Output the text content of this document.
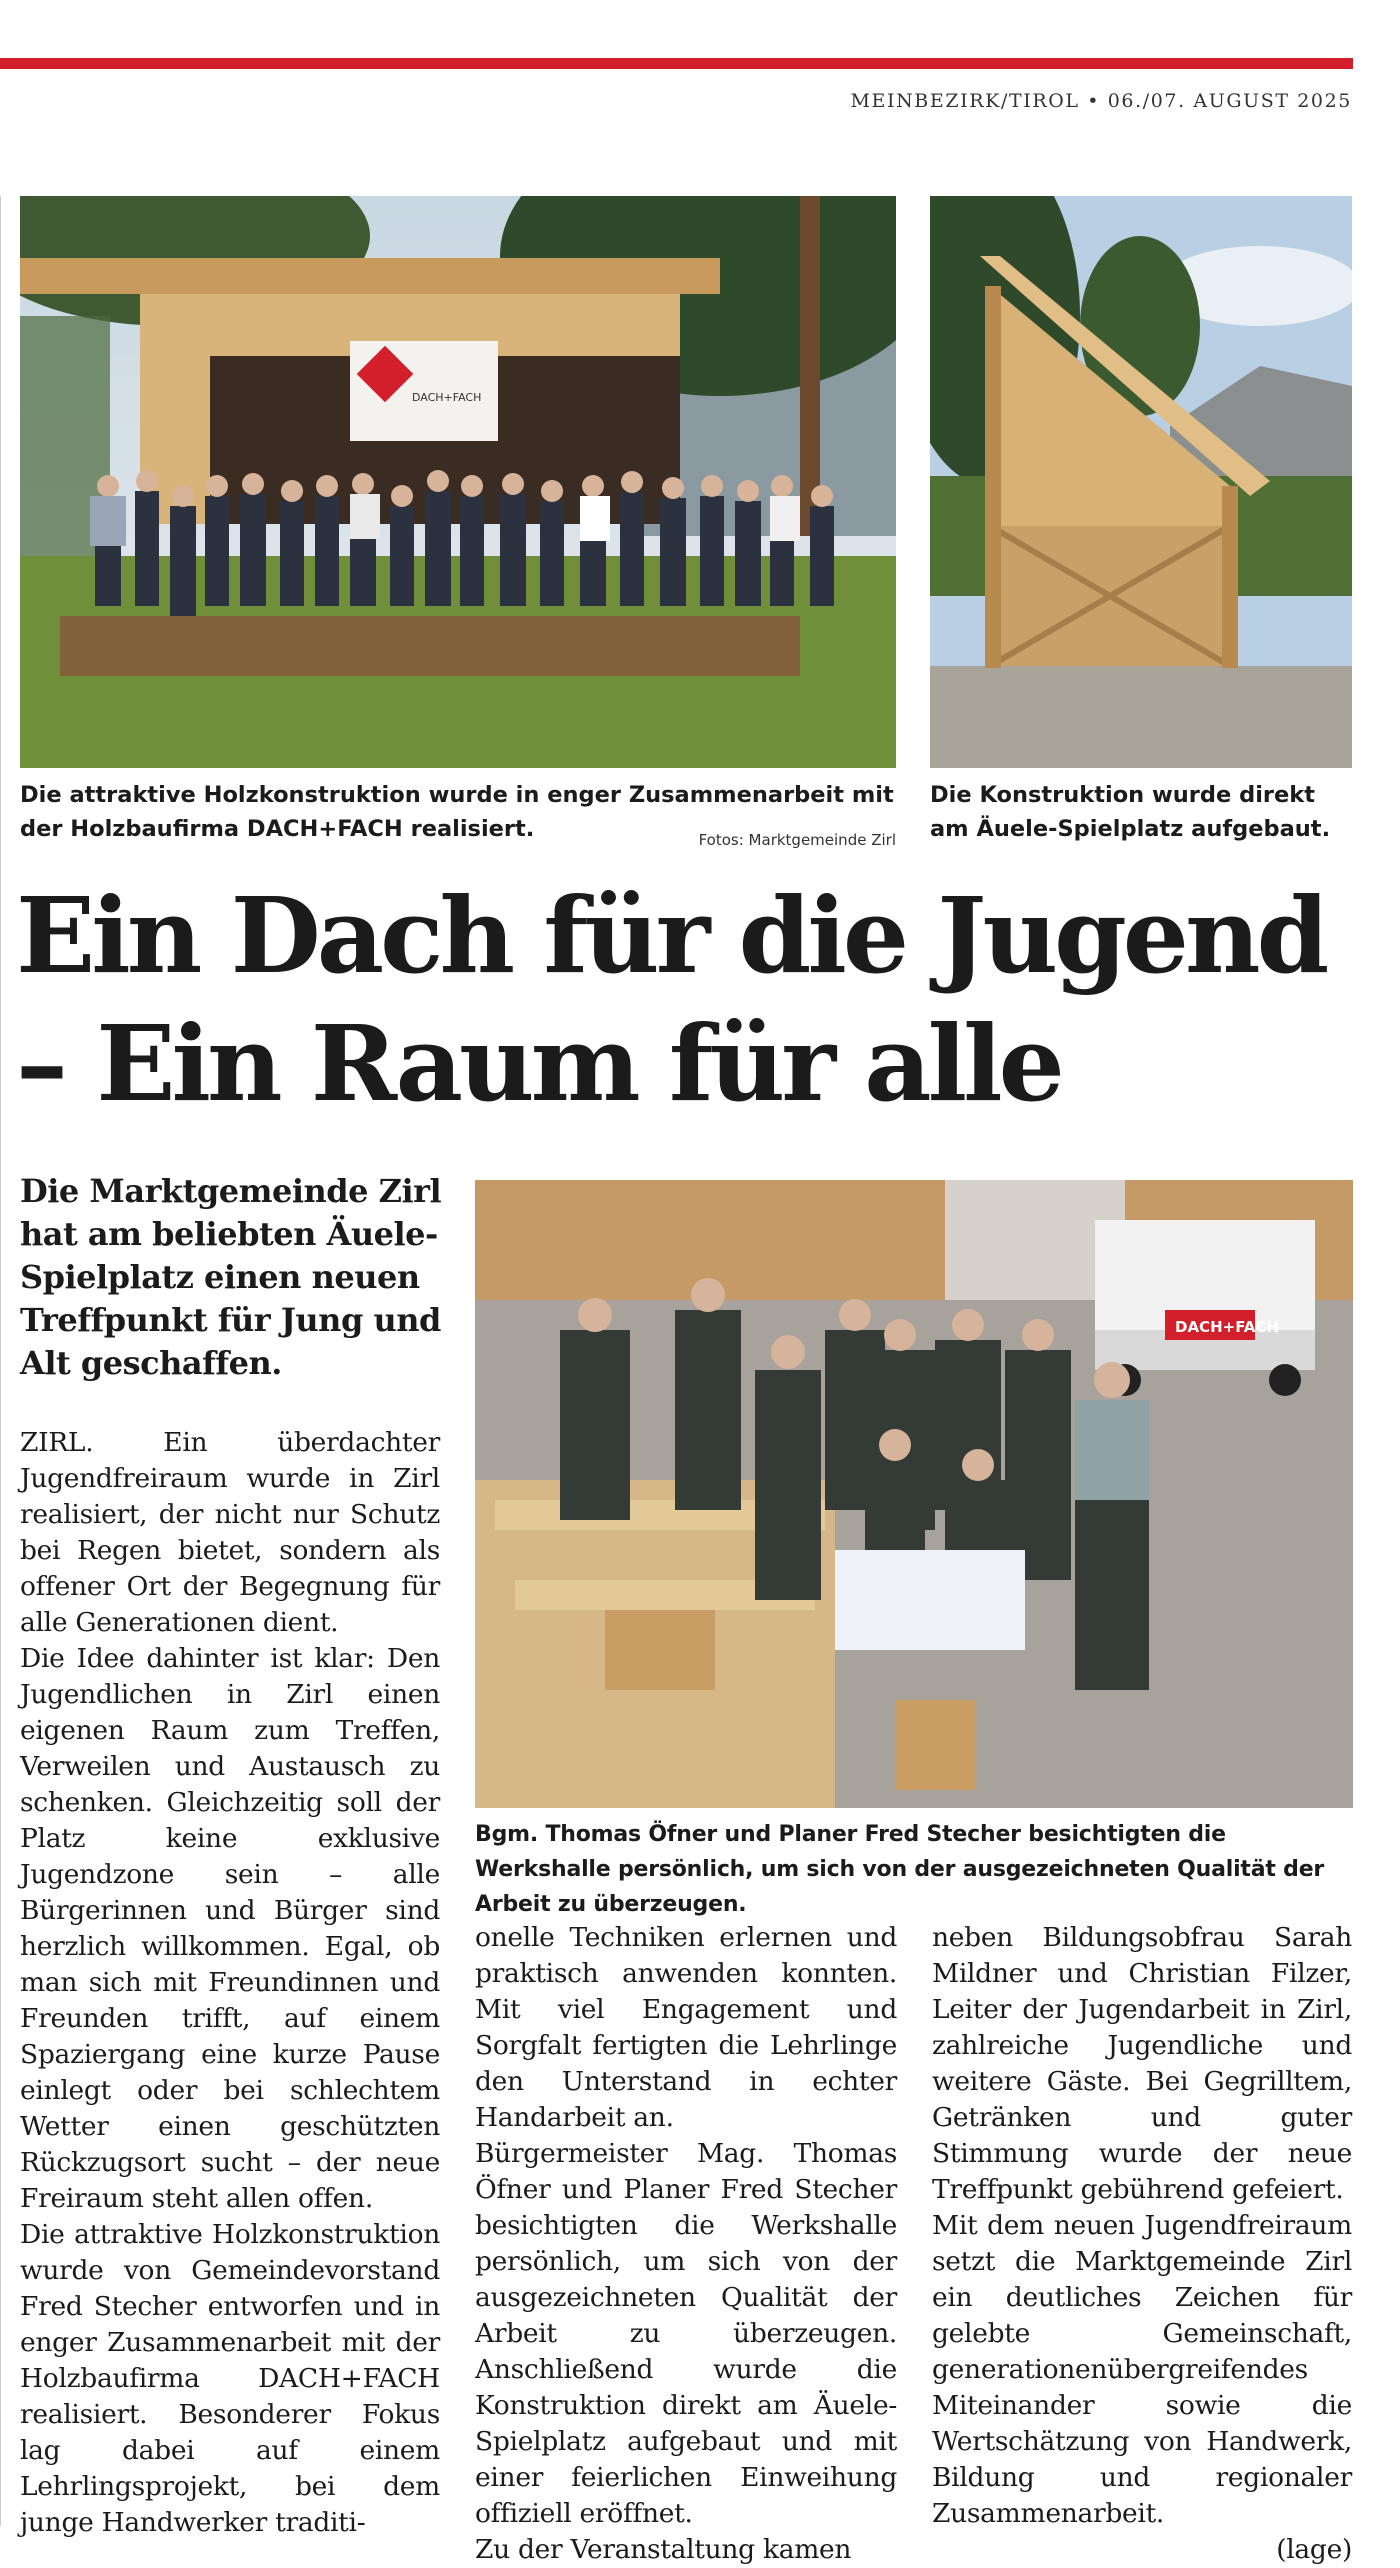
MEINBEZIRK/TIROL • 06./07. AUGUST 2025
DACH+FACH
Die attraktive Holzkonstruktion wurde in enger Zusammenarbeit mit der Holzbaufirma DACH+FACH realisiert.	Fotos: Marktgemeinde Zirl
Die Konstruktion wurde direkt am Äuele-Spielplatz aufgebaut.
Ein Dach für die Jugend – Ein Raum für alle
Die Marktgemeinde Zirl hat am beliebten Äuele-Spielplatz einen neuen Treffpunkt für Jung und Alt geschaffen.
DACH+FACH
Bgm. Thomas Öfner und Planer Fred Stecher besichtigten die Werkshalle persönlich, um sich von der ausgezeichneten Qualität der Arbeit zu überzeugen.

ZIRL. Ein überdachter Jugendfreiraum wurde in Zirl realisiert, der nicht nur Schutz bei Regen bietet, sondern als offener Ort der Begegnung für alle Generationen dient.

Die Idee dahinter ist klar: Den Jugendlichen in Zirl einen eigenen Raum zum Treffen, Verweilen und Austausch zu schenken. Gleichzeitig soll der Platz keine exklusive Jugendzone sein – alle Bürgerinnen und Bürger sind herzlich willkommen. Egal, ob man sich mit Freundinnen und Freunden trifft, auf einem Spaziergang eine kurze Pause einlegt oder bei schlechtem Wetter einen geschützten Rückzugsort sucht – der neue Freiraum steht allen offen.

Die attraktive Holzkonstruktion wurde von Gemeindevorstand Fred Stecher entworfen und in enger Zusammenarbeit mit der Holzbaufirma DACH+FACH realisiert. Besonderer Fokus lag dabei auf einem Lehrlingsprojekt, bei dem junge Handwerker traditi-

onelle Techniken erlernen und praktisch anwenden konnten. Mit viel Engagement und Sorgfalt fertigten die Lehrlinge den Unterstand in echter Handarbeit an.

Bürgermeister Mag. Thomas Öfner und Planer Fred Stecher besichtigten die Werkshalle persönlich, um sich von der ausgezeichneten Qualität der Arbeit zu überzeugen. Anschließend wurde die Konstruktion direkt am Äuele-Spielplatz aufgebaut und mit einer feierlichen Einweihung offiziell eröffnet.

Zu der Veranstaltung kamen

neben Bildungsobfrau Sarah Mildner und Christian Filzer, Leiter der Jugendarbeit in Zirl, zahlreiche Jugendliche und weitere Gäste. Bei Gegrilltem, Getränken und guter Stimmung wurde der neue Treffpunkt gebührend gefeiert.

Mit dem neuen Jugendfreiraum setzt die Marktgemeinde Zirl ein deutliches Zeichen für gelebte Gemeinschaft, generationenübergreifendes Miteinander sowie die Wertschätzung von Handwerk, Bildung und regionaler Zusammenarbeit.

(lage)
